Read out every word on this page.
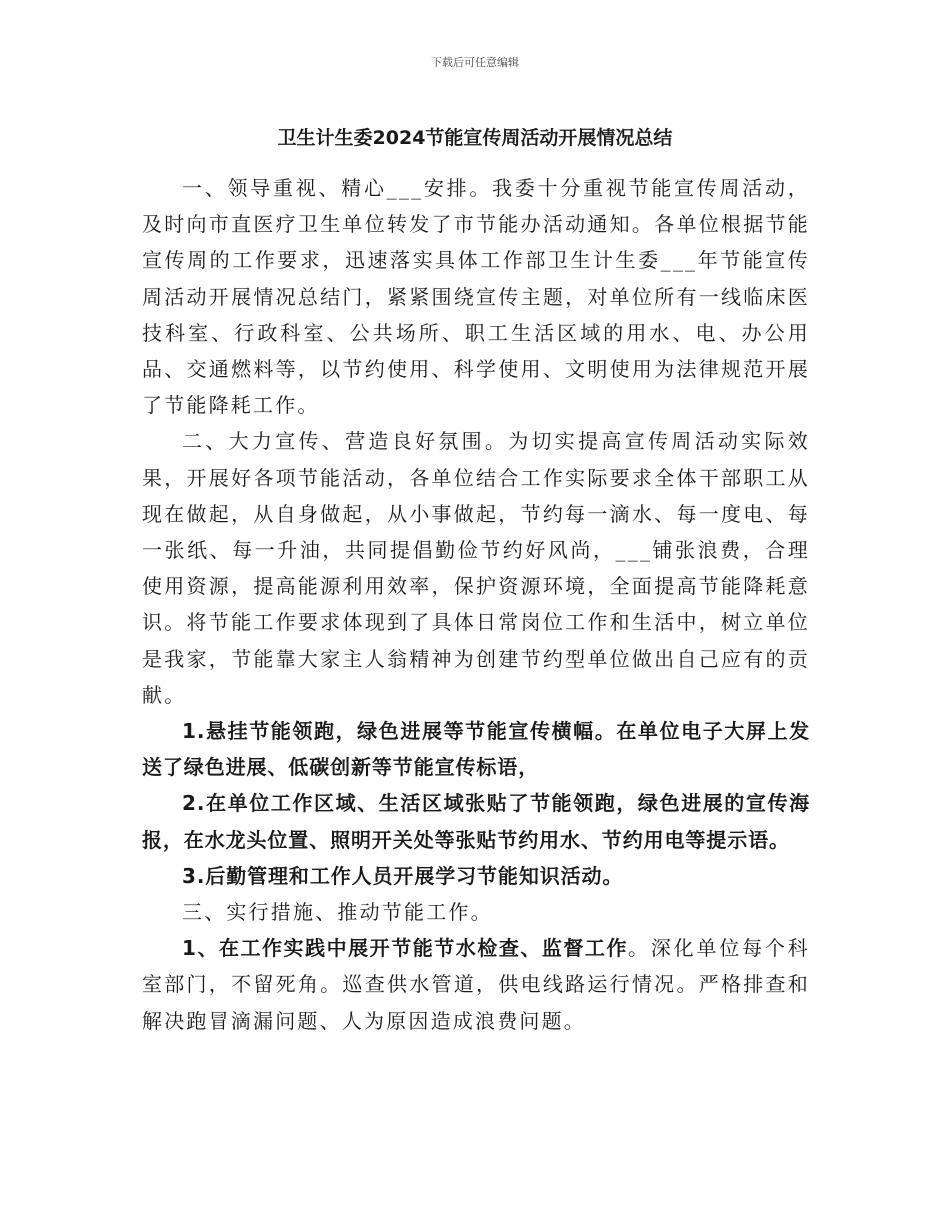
下载后可任意编辑
卫生计生委2024节能宣传周活动开展情况总结

一、领导重视、精心___安排。我委十分重视节能宣传周活动，及时向市直医疗卫生单位转发了市节能办活动通知。各单位根据节能宣传周的工作要求，迅速落实具体工作部卫生计生委___年节能宣传周活动开展情况总结门，紧紧围绕宣传主题，对单位所有一线临床医技科室、行政科室、公共场所、职工生活区域的用水、电、办公用品、交通燃料等，以节约使用、科学使用、文明使用为法律规范开展了节能降耗工作。

二、大力宣传、营造良好氛围。为切实提高宣传周活动实际效果，开展好各项节能活动，各单位结合工作实际要求全体干部职工从现在做起，从自身做起，从小事做起，节约每一滴水、每一度电、每一张纸、每一升油，共同提倡勤俭节约好风尚，___铺张浪费，合理使用资源，提高能源利用效率，保护资源环境，全面提高节能降耗意识。将节能工作要求体现到了具体日常岗位工作和生活中，树立单位是我家，节能靠大家主人翁精神为创建节约型单位做出自己应有的贡献。

1.悬挂节能领跑，绿色进展等节能宣传横幅。在单位电子大屏上发送了绿色进展、低碳创新等节能宣传标语，

2.在单位工作区域、生活区域张贴了节能领跑，绿色进展的宣传海报，在水龙头位置、照明开关处等张贴节约用水、节约用电等提示语。

3.后勤管理和工作人员开展学习节能知识活动。

三、实行措施、推动节能工作。

1、在工作实践中展开节能节水检查、监督工作。深化单位每个科室部门，不留死角。巡查供水管道，供电线路运行情况。严格排查和解决跑冒滴漏问题、人为原因造成浪费问题。
